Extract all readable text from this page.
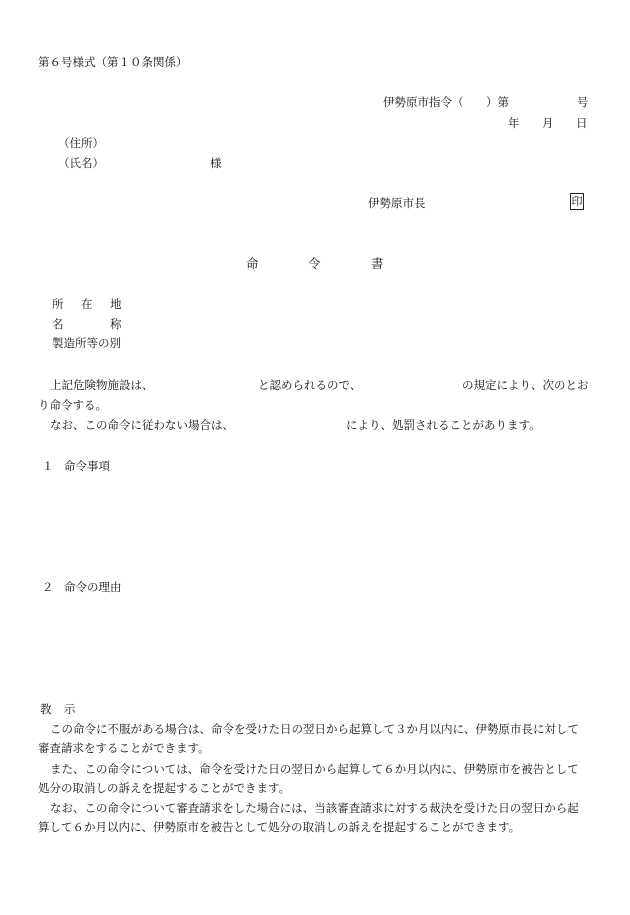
第６号様式（第１０条関係）
伊勢原市指令（ ）第	号
年 月 日
（住所）
（氏名）	様
伊勢原市長	印
命	令	書
所 在 地
名	称
製造所等の別
上記危険物施設は、	と認められるので、	の規定により、次のとお
り命令する。
なお、この命令に従わない場合は、	により、処罰されることがあります。
１ 命令事項
２ 命令の理由
教 示
この命令に不服がある場合は、命令を受けた日の翌日から起算して３か月以内に、伊勢原市長に対して審査請求をすることができます。
また、この命令については、命令を受けた日の翌日から起算して６か月以内に、伊勢原市を被告として処分の取消しの訴えを提起することができます。
なお、この命令について審査請求をした場合には、当該審査請求に対する裁決を受けた日の翌日から起算して６か月以内に、伊勢原市を被告として処分の取消しの訴えを提起することができます。
